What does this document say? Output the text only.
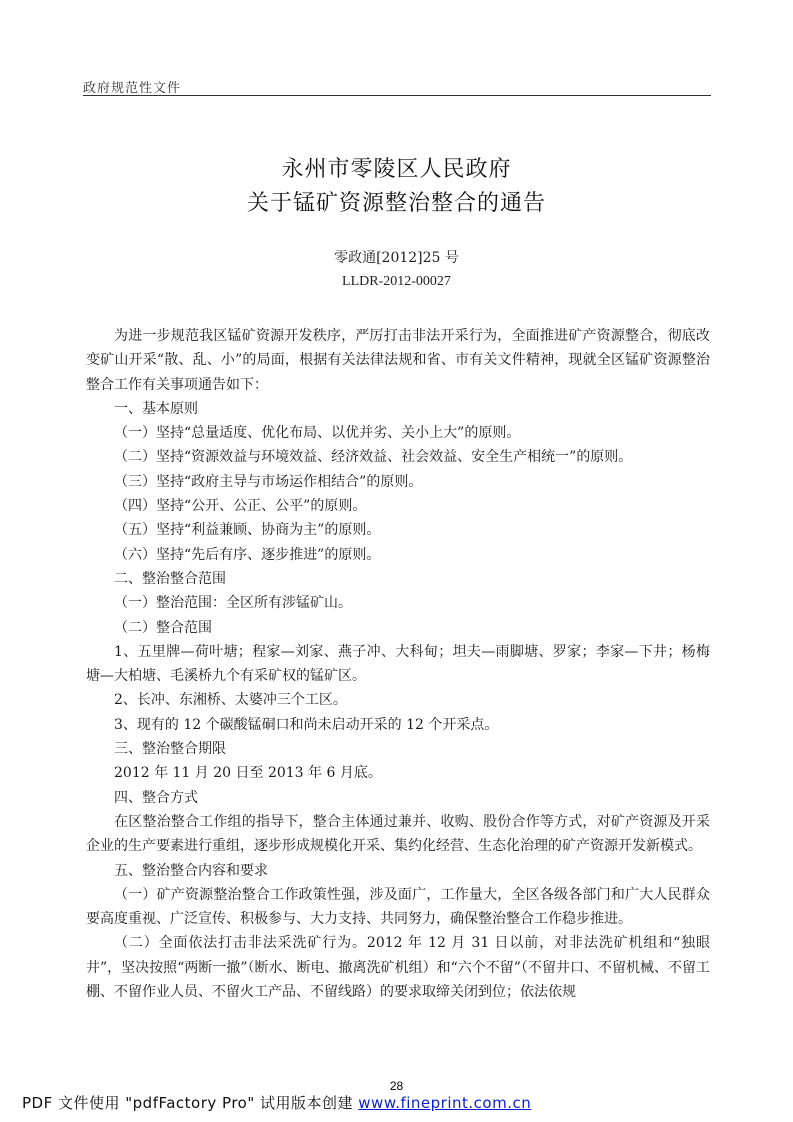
政府规范性文件
永州市零陵区人民政府
关于锰矿资源整治整合的通告
零政通[2012]25 号
LLDR-2012-00027

为进一步规范我区锰矿资源开发秩序，严厉打击非法开采行为，全面推进矿产资源整合，彻底改变矿山开采“散、乱、小”的局面，根据有关法律法规和省、市有关文件精神，现就全区锰矿资源整治整合工作有关事项通告如下：

一、基本原则

（一）坚持“总量适度、优化布局、以优并劣、关小上大”的原则。

（二）坚持“资源效益与环境效益、经济效益、社会效益、安全生产相统一”的原则。

（三）坚持“政府主导与市场运作相结合”的原则。

（四）坚持“公开、公正、公平”的原则。

（五）坚持“利益兼顾、协商为主”的原则。

（六）坚持“先后有序、逐步推进”的原则。

二、整治整合范围

（一）整治范围：全区所有涉锰矿山。

（二）整合范围

1、五里牌—荷叶塘；程家—刘家、燕子冲、大科甸；坦夫—雨脚塘、罗家；李家—下井；杨梅塘—大柏塘、毛溪桥九个有采矿权的锰矿区。

2、长冲、东湘桥、太婆冲三个工区。

3、现有的 12 个碳酸锰硐口和尚未启动开采的 12 个开采点。

三、整治整合期限

2012 年 11 月 20 日至 2013 年 6 月底。

四、整合方式

在区整治整合工作组的指导下，整合主体通过兼并、收购、股份合作等方式，对矿产资源及开采企业的生产要素进行重组，逐步形成规模化开采、集约化经营、生态化治理的矿产资源开发新模式。

五、整治整合内容和要求

（一）矿产资源整治整合工作政策性强，涉及面广，工作量大，全区各级各部门和广大人民群众要高度重视、广泛宣传、积极参与、大力支持、共同努力，确保整治整合工作稳步推进。

（二）全面依法打击非法采洗矿行为。2012 年 12 月 31 日以前，对非法洗矿机组和“独眼井”，坚决按照“两断一撤”（断水、断电、撤离洗矿机组）和“六个不留”（不留井口、不留机械、不留工棚、不留作业人员、不留火工产品、不留线路）的要求取缔关闭到位；依法依规

28
PDF 文件使用 "pdfFactory Pro" 试用版本创建 www.fineprint.com.cn
